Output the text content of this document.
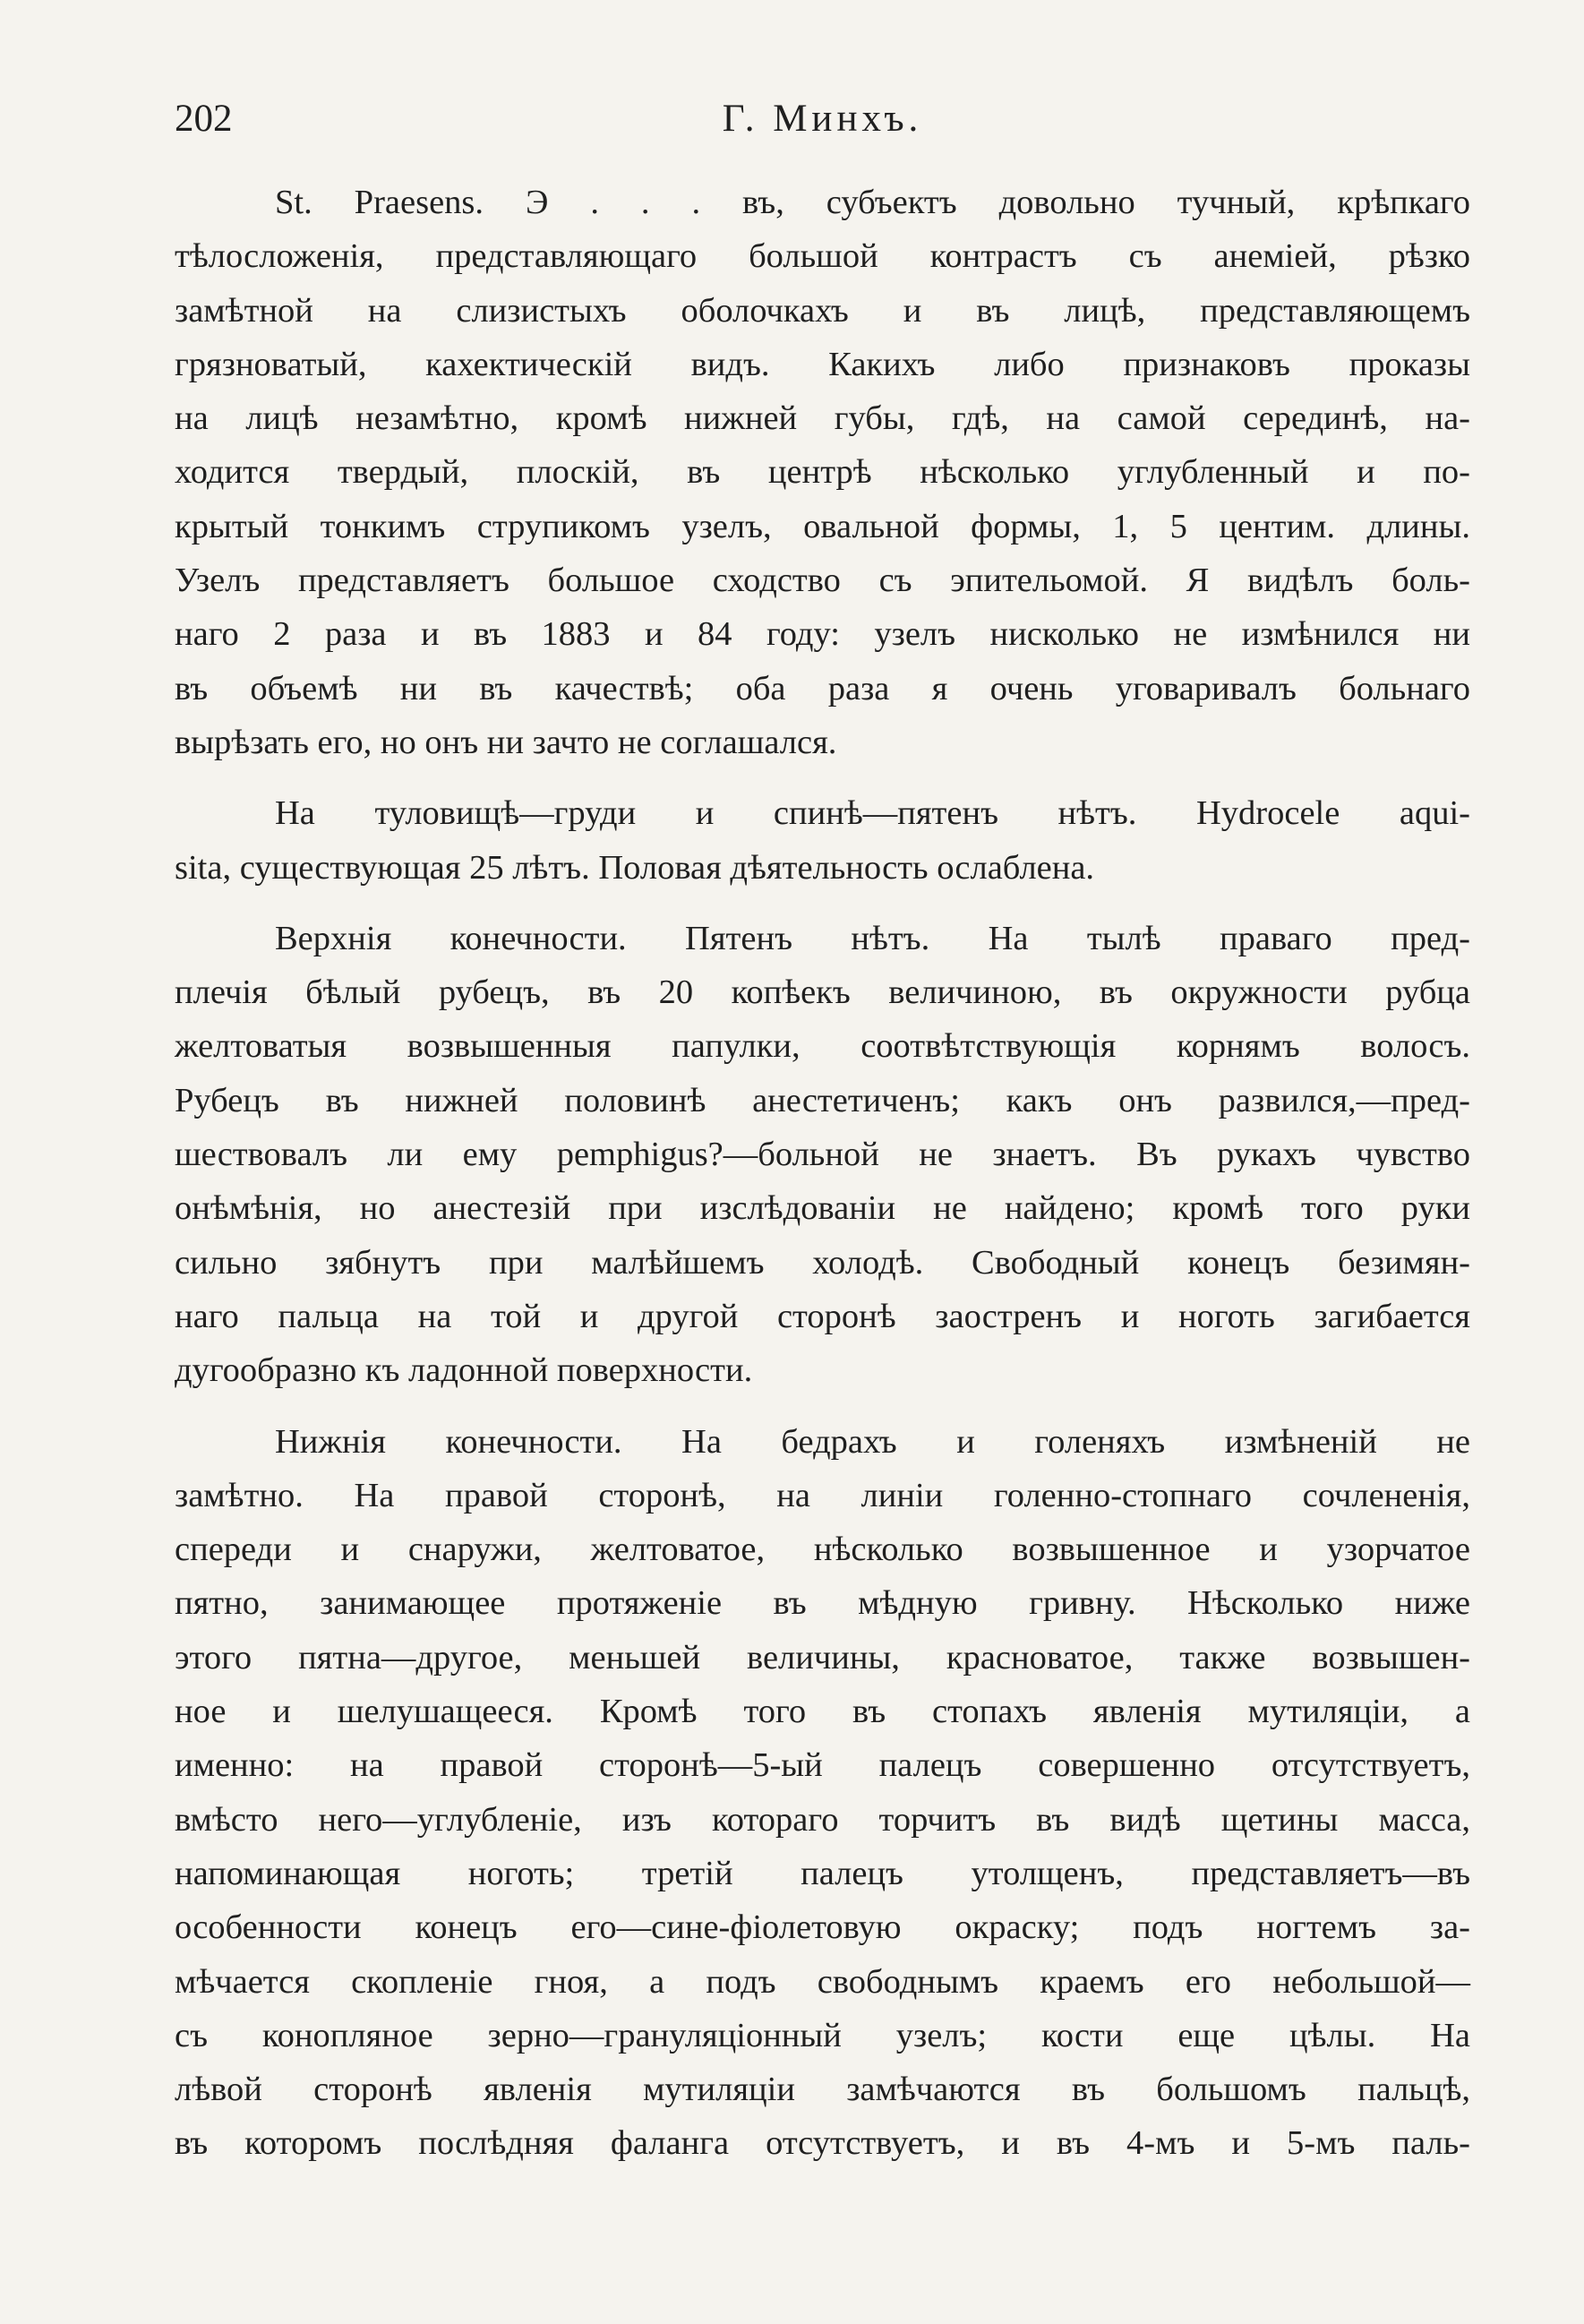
202	Г. Минхъ.

St. Praesens. Э . . . въ, субъектъ довольно тучный, крѣпкаго
тѣлосложенія, представляющаго большой контрастъ съ анеміей, рѣзко
замѣтной на слизистыхъ оболочкахъ и въ лицѣ, представляющемъ
грязноватый, кахектическій видъ. Какихъ либо признаковъ проказы
на лицѣ незамѣтно, кромѣ нижней губы, гдѣ, на самой серединѣ, на-
ходится твердый, плоскій, въ центрѣ нѣсколько углубленный и по-
крытый тонкимъ струпикомъ узелъ, овальной формы, 1, 5 центим. длины.
Узелъ представляетъ большое сходство съ эпительомой. Я видѣлъ боль-
наго 2 раза и въ 1883 и 84 году: узелъ нисколько не измѣнился ни
въ объемѣ ни въ качествѣ; оба раза я очень уговаривалъ больнаго
вырѣзать его, но онъ ни зачто не соглашался.

На туловищѣ—груди и спинѣ—пятенъ нѣтъ. Hydrocele aqui-
sita, существующая 25 лѣтъ. Половая дѣятельность ослаблена.

Верхнія конечности. Пятенъ нѣтъ. На тылѣ праваго пред-
плечія бѣлый рубецъ, въ 20 копѣекъ величиною, въ окружности рубца
желтоватыя возвышенныя папулки, соотвѣтствующія корнямъ волосъ.
Рубецъ въ нижней половинѣ анестетиченъ; какъ онъ развился,—пред-
шествовалъ ли ему pemphigus?—больной не знаетъ. Въ рукахъ чувство
онѣмѣнія, но анестезій при изслѣдованіи не найдено; кромѣ того руки
сильно зябнутъ при малѣйшемъ холодѣ. Свободный конецъ безимян-
наго пальца на той и другой сторонѣ заостренъ и ноготь загибается
дугообразно къ ладонной поверхности.

Нижнія конечности. На бедрахъ и голеняхъ измѣненій не
замѣтно. На правой сторонѣ, на линіи голенно-стопнаго сочлененія,
спереди и снаружи, желтоватое, нѣсколько возвышенное и узорчатое
пятно, занимающее протяженіе въ мѣдную гривну. Нѣсколько ниже
этого пятна—другое, меньшей величины, красноватое, также возвышен-
ное и шелушащееся. Кромѣ того въ стопахъ явленія мутиляціи, а
именно: на правой сторонѣ—5-ый палецъ совершенно отсутствуетъ,
вмѣсто него—углубленіе, изъ котораго торчитъ въ видѣ щетины масса,
напоминающая ноготь; третій палецъ утолщенъ, представляетъ—въ
особенности конецъ его—сине-фіолетовую окраску; подъ ногтемъ за-
мѣчается скопленіе гноя, а подъ свободнымъ краемъ его небольшой—
съ конопляное зерно—грануляціонный узелъ; кости еще цѣлы. На
лѣвой сторонѣ явленія мутиляціи замѣчаются въ большомъ пальцѣ,
въ которомъ послѣдняя фаланга отсутствуетъ, и въ 4-мъ и 5-мъ паль-
